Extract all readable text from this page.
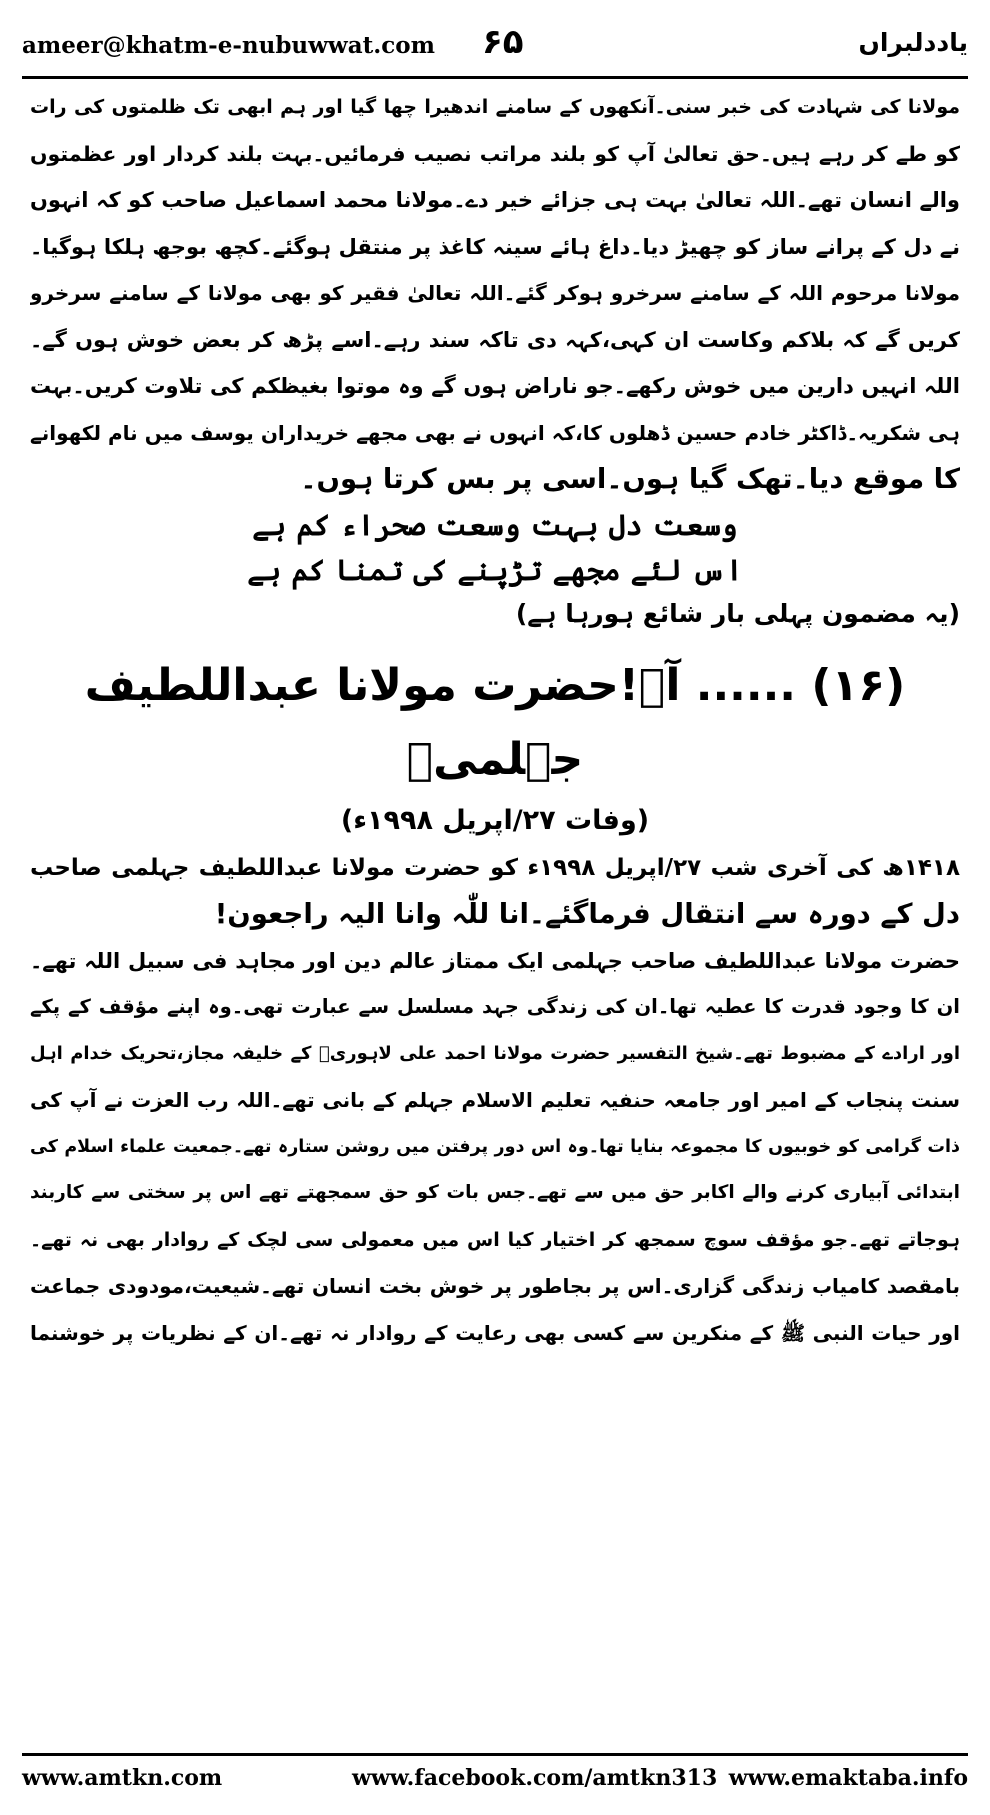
ameer@khatm-e-nubuwwat.com ۶۵	یاددلبراں

مولانا کی شہادت کی خبر سنی۔آنکھوں کے سامنے اندھیرا چھا گیا اور ہم ابھی تک ظلمتوں کی رات

کو طے کر رہے ہیں۔حق تعالیٰ آپ کو بلند مراتب نصیب فرمائیں۔بہت بلند کردار اور عظمتوں

والے انسان تھے۔اللہ تعالیٰ بہت ہی جزائے خیر دے۔مولانا محمد اسماعیل صاحب کو کہ انہوں

نے دل کے پرانے ساز کو چھیڑ دیا۔داغ ہائے سینہ کاغذ پر منتقل ہوگئے۔کچھ بوجھ ہلکا ہوگیا۔

مولانا مرحوم اللہ کے سامنے سرخرو ہوکر گئے۔اللہ تعالیٰ فقیر کو بھی مولانا کے سامنے سرخرو

کریں گے کہ بلاکم وکاست ان کہی،کہہ دی تاکہ سند رہے۔اسے پڑھ کر بعض خوش ہوں گے۔

اللہ انہیں دارین میں خوش رکھے۔جو ناراض ہوں گے وہ موتوا بغیظکم کی تلاوت کریں۔بہت

ہی شکریہ۔ڈاکٹر خادم حسین ڈھلوں کا،کہ انہوں نے بھی مجھے خریداران یوسف میں نام لکھوانے

کا موقع دیا۔تھک گیا ہوں۔اسی پر بس کرتا ہوں۔

وسعت دل بہت وسعت صحراء کم ہے
اس لئے مجھے تڑپنے کی تمنا کم ہے
(یہ مضمون پہلی بار شائع ہورہا ہے)
(۱۶) ...... آہ!حضرت مولانا عبداللطیف جہلمیؒ
(وفات ۲۷/اپریل ۱۹۹۸ء)

۱۴۱۸ھ کی آخری شب ۲۷/اپریل ۱۹۹۸ء کو حضرت مولانا عبداللطیف جہلمی صاحب

دل کے دورہ سے انتقال فرماگئے۔انا للّٰہ وانا الیہ راجعون!

حضرت مولانا عبداللطیف صاحب جہلمی ایک ممتاز عالم دین اور مجاہد فی سبیل اللہ تھے۔

ان کا وجود قدرت کا عطیہ تھا۔ان کی زندگی جہد مسلسل سے عبارت تھی۔وہ اپنے مؤقف کے پکے

اور ارادے کے مضبوط تھے۔شیخ التفسیر حضرت مولانا احمد علی لاہوریؒ کے خلیفہ مجاز،تحریک خدام اہل

سنت پنجاب کے امیر اور جامعہ حنفیہ تعلیم الاسلام جہلم کے بانی تھے۔اللہ رب العزت نے آپ کی

ذات گرامی کو خوبیوں کا مجموعہ بنایا تھا۔وہ اس دور پرفتن میں روشن ستارہ تھے۔جمعیت علماء اسلام کی

ابتدائی آبیاری کرنے والے اکابر حق میں سے تھے۔جس بات کو حق سمجھتے تھے اس پر سختی سے کاربند

ہوجاتے تھے۔جو مؤقف سوچ سمجھ کر اختیار کیا اس میں معمولی سی لچک کے روادار بھی نہ تھے۔

بامقصد کامیاب زندگی گزاری۔اس پر بجاطور پر خوش بخت انسان تھے۔شیعیت،مودودی جماعت

اور حیات النبی ﷺ کے منکرین سے کسی بھی رعایت کے روادار نہ تھے۔ان کے نظریات پر خوشنما

www.amtkn.com	www.facebook.com/amtkn313 www.emaktaba.info
